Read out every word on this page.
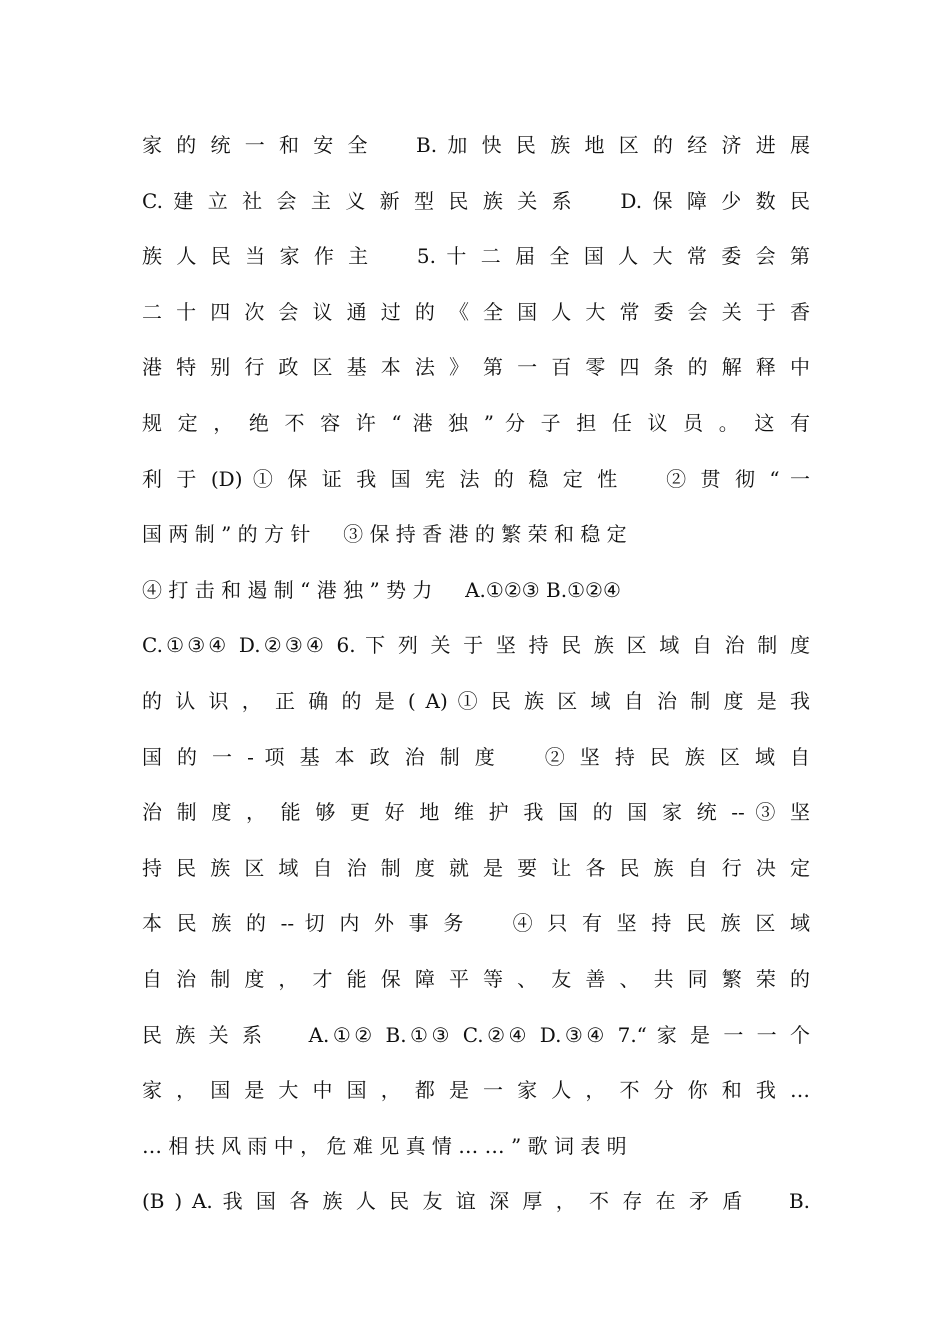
家 的 统 一 和 安 全 　 B. 加 快 民 族 地 区 的 经 济 进 展
C. 建 立 社 会 主 义 新 型 民 族 关 系 　 D. 保 障 少 数 民
族 人 民 当 家 作 主 　 5. 十 二 届 全 国 人 大 常 委 会 第
二 十 四 次 会 议 通 过 的 《 全 国 人 大 常 委 会 关 于 香
港 特 别 行 政 区 基 本 法 》 第 一 百 零 四 条 的 解 释 中
规 定 ， 绝 不 容 许 “ 港 独 ” 分 子 担 任 议 员 。 这 有
利 于 (D) ① 保 证 我 国 宪 法 的 稳 定 性 　 ② 贯 彻 “ 一
国 两 制 ” 的 方 针 　 ③ 保 持 香 港 的 繁 荣 和 稳 定
④ 打 击 和 遏 制 “ 港 独 ” 势 力 　 A.①②③ B.①②④
C.①③④ D.②③④ 6. 下 列 关 于 坚 持 民 族 区 域 自 治 制 度
的 认 识 ， 正 确 的 是 ( A) ① 民 族 区 域 自 治 制 度 是 我
国 的 一 - 项 基 本 政 治 制 度 　 ② 坚 持 民 族 区 域 自
治 制 度 ， 能 够 更 好 地 维 护 我 国 的 国 家 统 -- ③ 坚
持 民 族 区 域 自 治 制 度 就 是 要 让 各 民 族 自 行 决 定
本 民 族 的 -- 切 内 外 事 务 　 ④ 只 有 坚 持 民 族 区 域
自 治 制 度 ， 才 能 保 障 平 等 、 友 善 、 共 同 繁 荣 的
民 族 关 系 　 A.①② B.①③ C.②④ D.③④ 7.“ 家 是 一 一 个
家 ， 国 是 大 中 国 ， 都 是 一 家 人 ， 不 分 你 和 我 …
… 相 扶 风 雨 中 ， 危 难 见 真 情 … … ” 歌 词 表 明
(B ) A. 我 国 各 族 人 民 友 谊 深 厚 ， 不 存 在 矛 盾 　 B.
